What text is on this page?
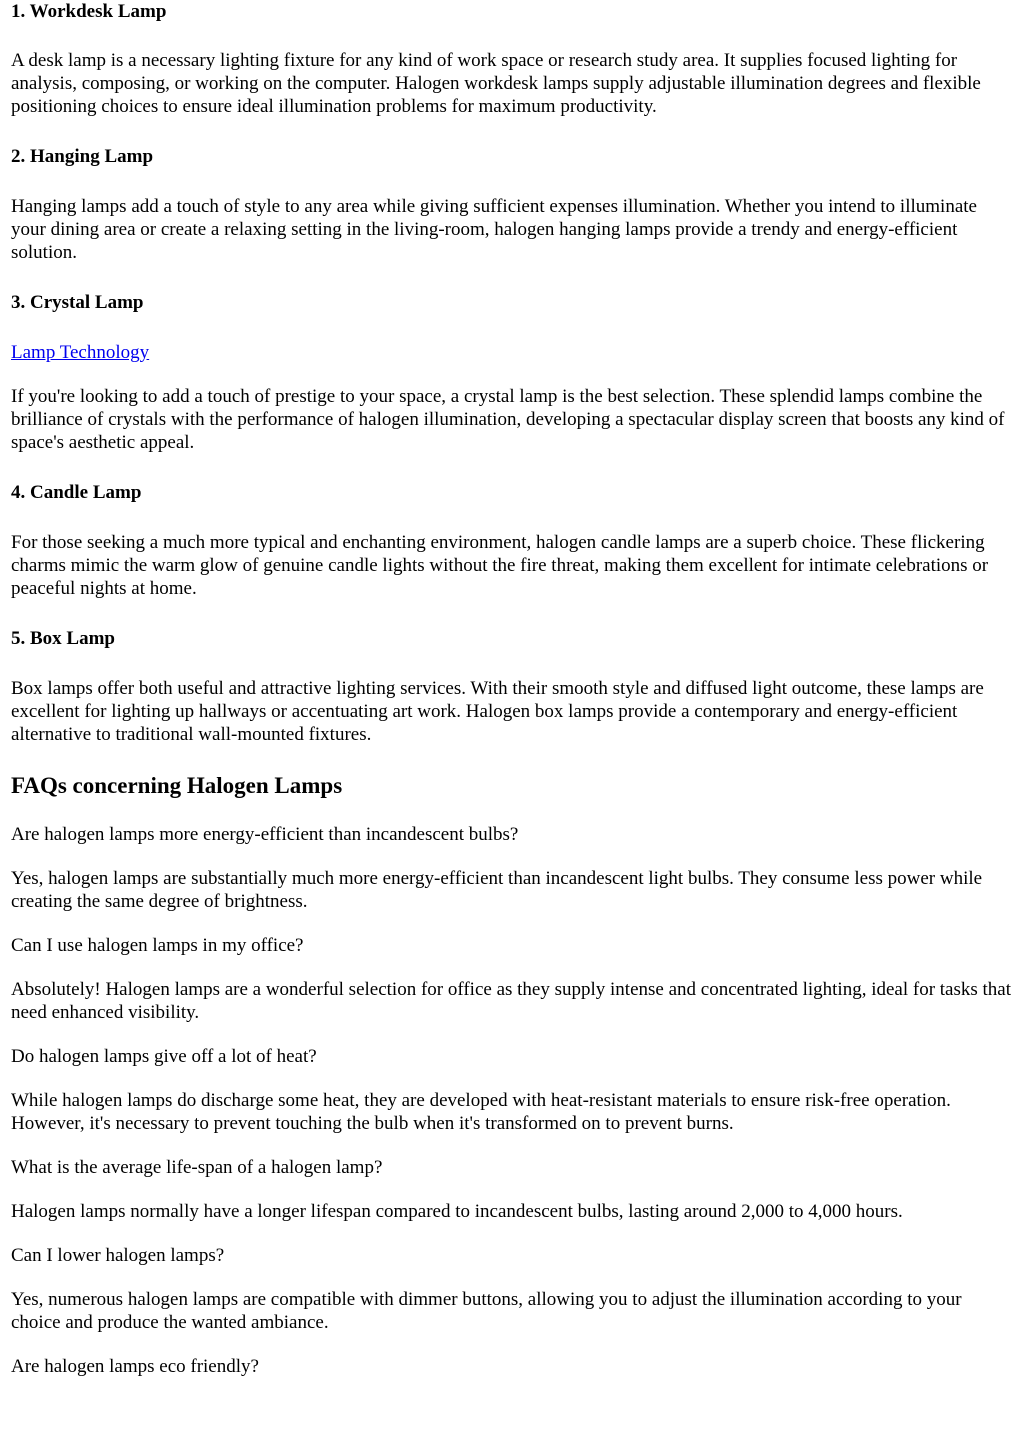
1. Workdesk Lamp

A desk lamp is a necessary lighting fixture for any kind of work space or research study area. It supplies focused lighting for analysis, composing, or working on the computer. Halogen workdesk lamps supply adjustable illumination degrees and flexible positioning choices to ensure ideal illumination problems for maximum productivity.

2. Hanging Lamp

Hanging lamps add a touch of style to any area while giving sufficient expenses illumination. Whether you intend to illuminate your dining area or create a relaxing setting in the living-room, halogen hanging lamps provide a trendy and energy-efficient solution.

3. Crystal Lamp

Lamp Technology

If you're looking to add a touch of prestige to your space, a crystal lamp is the best selection. These splendid lamps combine the brilliance of crystals with the performance of halogen illumination, developing a spectacular display screen that boosts any kind of space's aesthetic appeal.

4. Candle Lamp

For those seeking a much more typical and enchanting environment, halogen candle lamps are a superb choice. These flickering charms mimic the warm glow of genuine candle lights without the fire threat, making them excellent for intimate celebrations or peaceful nights at home.

5. Box Lamp

Box lamps offer both useful and attractive lighting services. With their smooth style and diffused light outcome, these lamps are excellent for lighting up hallways or accentuating art work. Halogen box lamps provide a contemporary and energy-efficient alternative to traditional wall-mounted fixtures.

FAQs concerning Halogen Lamps

Are halogen lamps more energy-efficient than incandescent bulbs?

Yes, halogen lamps are substantially much more energy-efficient than incandescent light bulbs. They consume less power while creating the same degree of brightness.

Can I use halogen lamps in my office?

Absolutely! Halogen lamps are a wonderful selection for office as they supply intense and concentrated lighting, ideal for tasks that need enhanced visibility.

Do halogen lamps give off a lot of heat?

While halogen lamps do discharge some heat, they are developed with heat-resistant materials to ensure risk-free operation. However, it's necessary to prevent touching the bulb when it's transformed on to prevent burns.

What is the average life-span of a halogen lamp?

Halogen lamps normally have a longer lifespan compared to incandescent bulbs, lasting around 2,000 to 4,000 hours.

Can I lower halogen lamps?

Yes, numerous halogen lamps are compatible with dimmer buttons, allowing you to adjust the illumination according to your choice and produce the wanted ambiance.

Are halogen lamps eco friendly?
